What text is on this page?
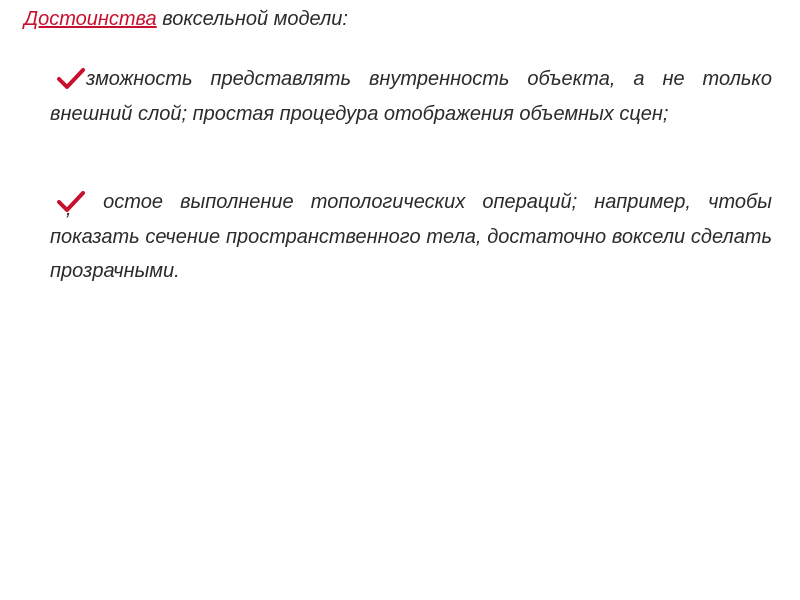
Достоинства воксельной модели:
зможность представлять внутренность объекта, а не только внешний слой; простая процедура отображения объемных сцен;
, остое выполнение топологических операций; например, чтобы показать сечение пространственного тела, достаточно воксели сделать прозрачными.
